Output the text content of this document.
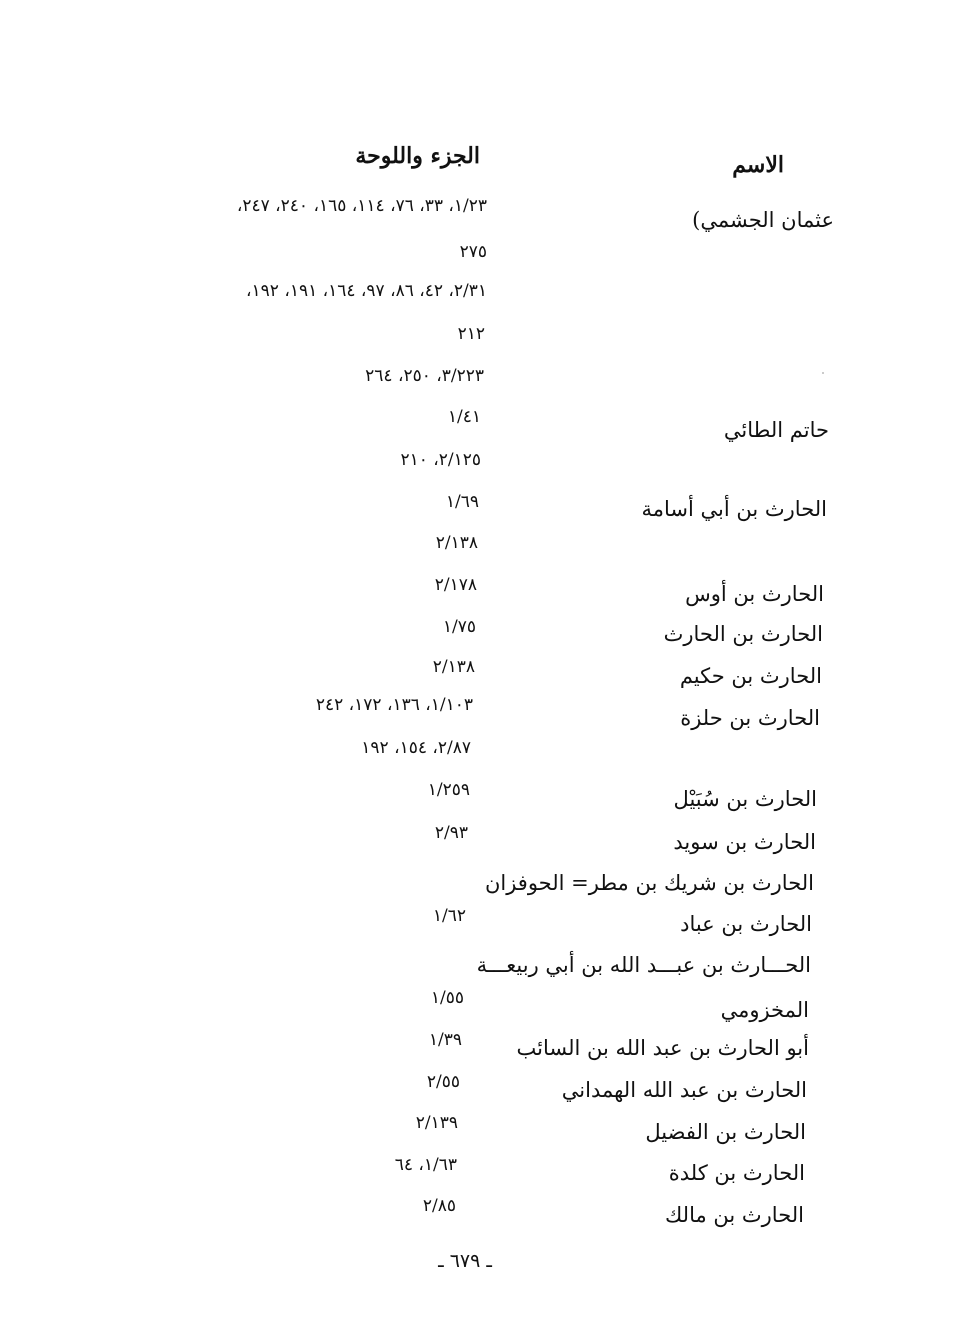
الاسم
الجزء واللوحة
عثمان الجشمي)
حاتم الطائي
الحارث بن أبي أسامة
الحارث بن أوس
الحارث بن الحارث
الحارث بن حكيم
الحارث بن حلزة
الحارث بن سُبَيْل
الحارث بن سويد
الحارث بن شريك بن مطر= الحوفزان
الحارث بن عباد
الحـــارث بن عبـــد الله بن أبي ربيعـــة
المخزومي
أبو الحارث بن عبد الله بن السائب
الحارث بن عبد الله الهمداني
الحارث بن الفضيل
الحارث بن كلدة
الحارث بن مالك
١/٢٣، ٣٣، ٧٦، ١١٤، ١٦٥، ٢٤٠، ٢٤٧،
٢٧٥
٢/٣١، ٤٢، ٨٦، ٩٧، ١٦٤، ١٩١، ١٩٢،
٢١٢
٣/٢٢٣، ٢٥٠، ٢٦٤
١/٤١
٢/١٢٥، ٢١٠
١/٦٩
٢/١٣٨
٢/١٧٨
١/٧٥
٢/١٣٨
١/١٠٣، ١٣٦، ١٧٢، ٢٤٢
٢/٨٧، ١٥٤، ١٩٢
١/٢٥٩
٢/٩٣
١/٦٢
١/٥٥
١/٣٩
٢/٥٥
٢/١٣٩
١/٦٣، ٦٤
٢/٨٥
ـ ٦٧٩ ـ
